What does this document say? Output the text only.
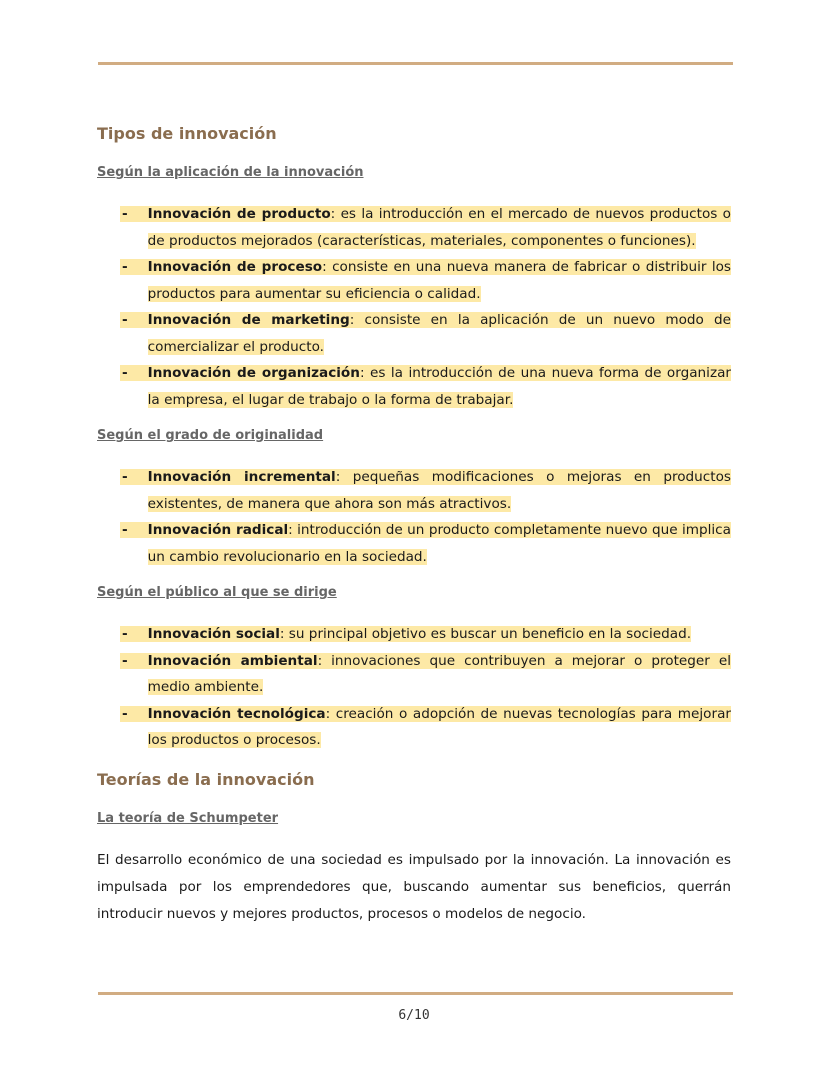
Tipos de innovación
Según la aplicación de la innovación
-	Innovación de producto: es la introducción en el mercado de nuevos productos o de productos mejorados (características, materiales, componentes o funciones).
-	Innovación de proceso: consiste en una nueva manera de fabricar o distribuir los productos para aumentar su eficiencia o calidad.
-	Innovación de marketing: consiste en la aplicación de un nuevo modo de comercializar el producto.
-	Innovación de organización: es la introducción de una nueva forma de organizar la empresa, el lugar de trabajo o la forma de trabajar.
Según el grado de originalidad
-	Innovación incremental: pequeñas modificaciones o mejoras en productos existentes, de manera que ahora son más atractivos.
-	Innovación radical: introducción de un producto completamente nuevo que implica un cambio revolucionario en la sociedad.
Según el público al que se dirige
-	Innovación social: su principal objetivo es buscar un beneficio en la sociedad.
-	Innovación ambiental: innovaciones que contribuyen a mejorar o proteger el medio ambiente.
-	Innovación tecnológica: creación o adopción de nuevas tecnologías para mejorar los productos o procesos.
Teorías de la innovación
La teoría de Schumpeter

El desarrollo económico de una sociedad es impulsado por la innovación. La innovación es impulsada por los emprendedores que, buscando aumentar sus beneficios, querrán introducir nuevos y mejores productos, procesos o modelos de negocio.

6/10
